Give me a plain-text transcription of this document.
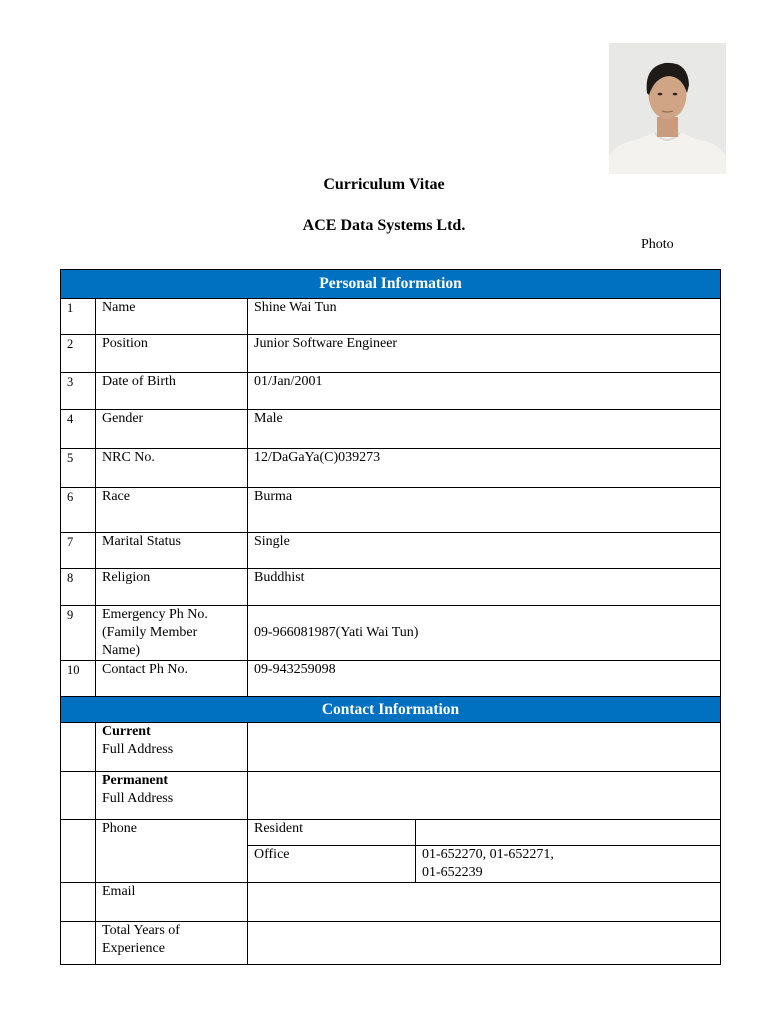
Curriculum Vitae
ACE Data Systems Ltd.
Photo
Personal Information			
1	Name	Shine Wai Tun	
2	Position	Junior Software Engineer	
3	Date of Birth	01/Jan/2001	
4	Gender	Male	
5	NRC No.	12/DaGaYa(C)039273	
6	Race	Burma	
7	Marital Status	Single	
8	Religion	Buddhist	
9	Emergency Ph No.
(Family Member
Name)	09-966081987(Yati Wai Tun)	
10	Contact Ph No.	09-943259098	
Contact Information			

	Current
Full Address		

	Permanent
Full Address		

	Phone	Resident	
		Office	01-652270, 01-652271,
01-652239

	Email		

	Total Years of
Experience		
